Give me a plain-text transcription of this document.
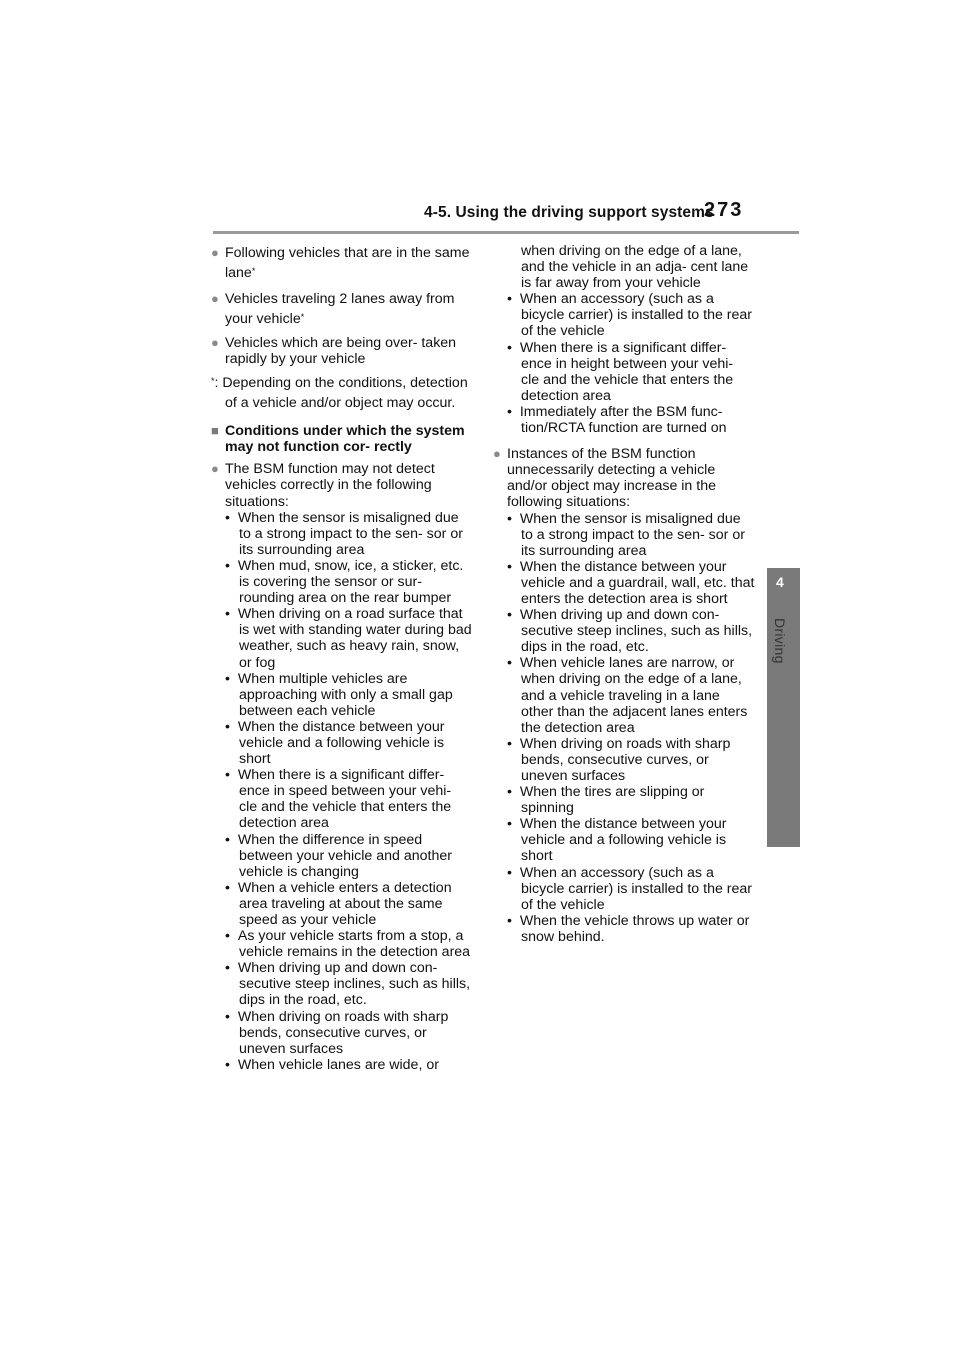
4-5. Using the driving support systems
273
4
Driving
● Following vehicles that are in the same lane*
● Vehicles traveling 2 lanes away from your vehicle*
● Vehicles which are being over- taken rapidly by your vehicle
*: Depending on the conditions, detection of a vehicle and/or object may occur.
■ Conditions under which the system may not function cor- rectly
● The BSM function may not detect vehicles correctly in the following situations:
• When the sensor is misaligned due to a strong impact to the sen- sor or its surrounding area
• When mud, snow, ice, a sticker, etc. is covering the sensor or sur- rounding area on the rear bumper
• When driving on a road surface that is wet with standing water during bad weather, such as heavy rain, snow, or fog
• When multiple vehicles are approaching with only a small gap between each vehicle
• When the distance between your vehicle and a following vehicle is short
• When there is a significant differ- ence in speed between your vehi- cle and the vehicle that enters the detection area
• When the difference in speed between your vehicle and another vehicle is changing
• When a vehicle enters a detection area traveling at about the same speed as your vehicle
• As your vehicle starts from a stop, a vehicle remains in the detection area
• When driving up and down con- secutive steep inclines, such as hills, dips in the road, etc.
• When driving on roads with sharp bends, consecutive curves, or uneven surfaces
• When vehicle lanes are wide, or
when driving on the edge of a lane, and the vehicle in an adja- cent lane is far away from your vehicle
• When an accessory (such as a bicycle carrier) is installed to the rear of the vehicle
• When there is a significant differ- ence in height between your vehi- cle and the vehicle that enters the detection area
• Immediately after the BSM func- tion/RCTA function are turned on
● Instances of the BSM function unnecessarily detecting a vehicle and/or object may increase in the following situations:
• When the sensor is misaligned due to a strong impact to the sen- sor or its surrounding area
• When the distance between your vehicle and a guardrail, wall, etc. that enters the detection area is short
• When driving up and down con- secutive steep inclines, such as hills, dips in the road, etc.
• When vehicle lanes are narrow, or when driving on the edge of a lane, and a vehicle traveling in a lane other than the adjacent lanes enters the detection area
• When driving on roads with sharp bends, consecutive curves, or uneven surfaces
• When the tires are slipping or spinning
• When the distance between your vehicle and a following vehicle is short
• When an accessory (such as a bicycle carrier) is installed to the rear of the vehicle
• When the vehicle throws up water or snow behind.
